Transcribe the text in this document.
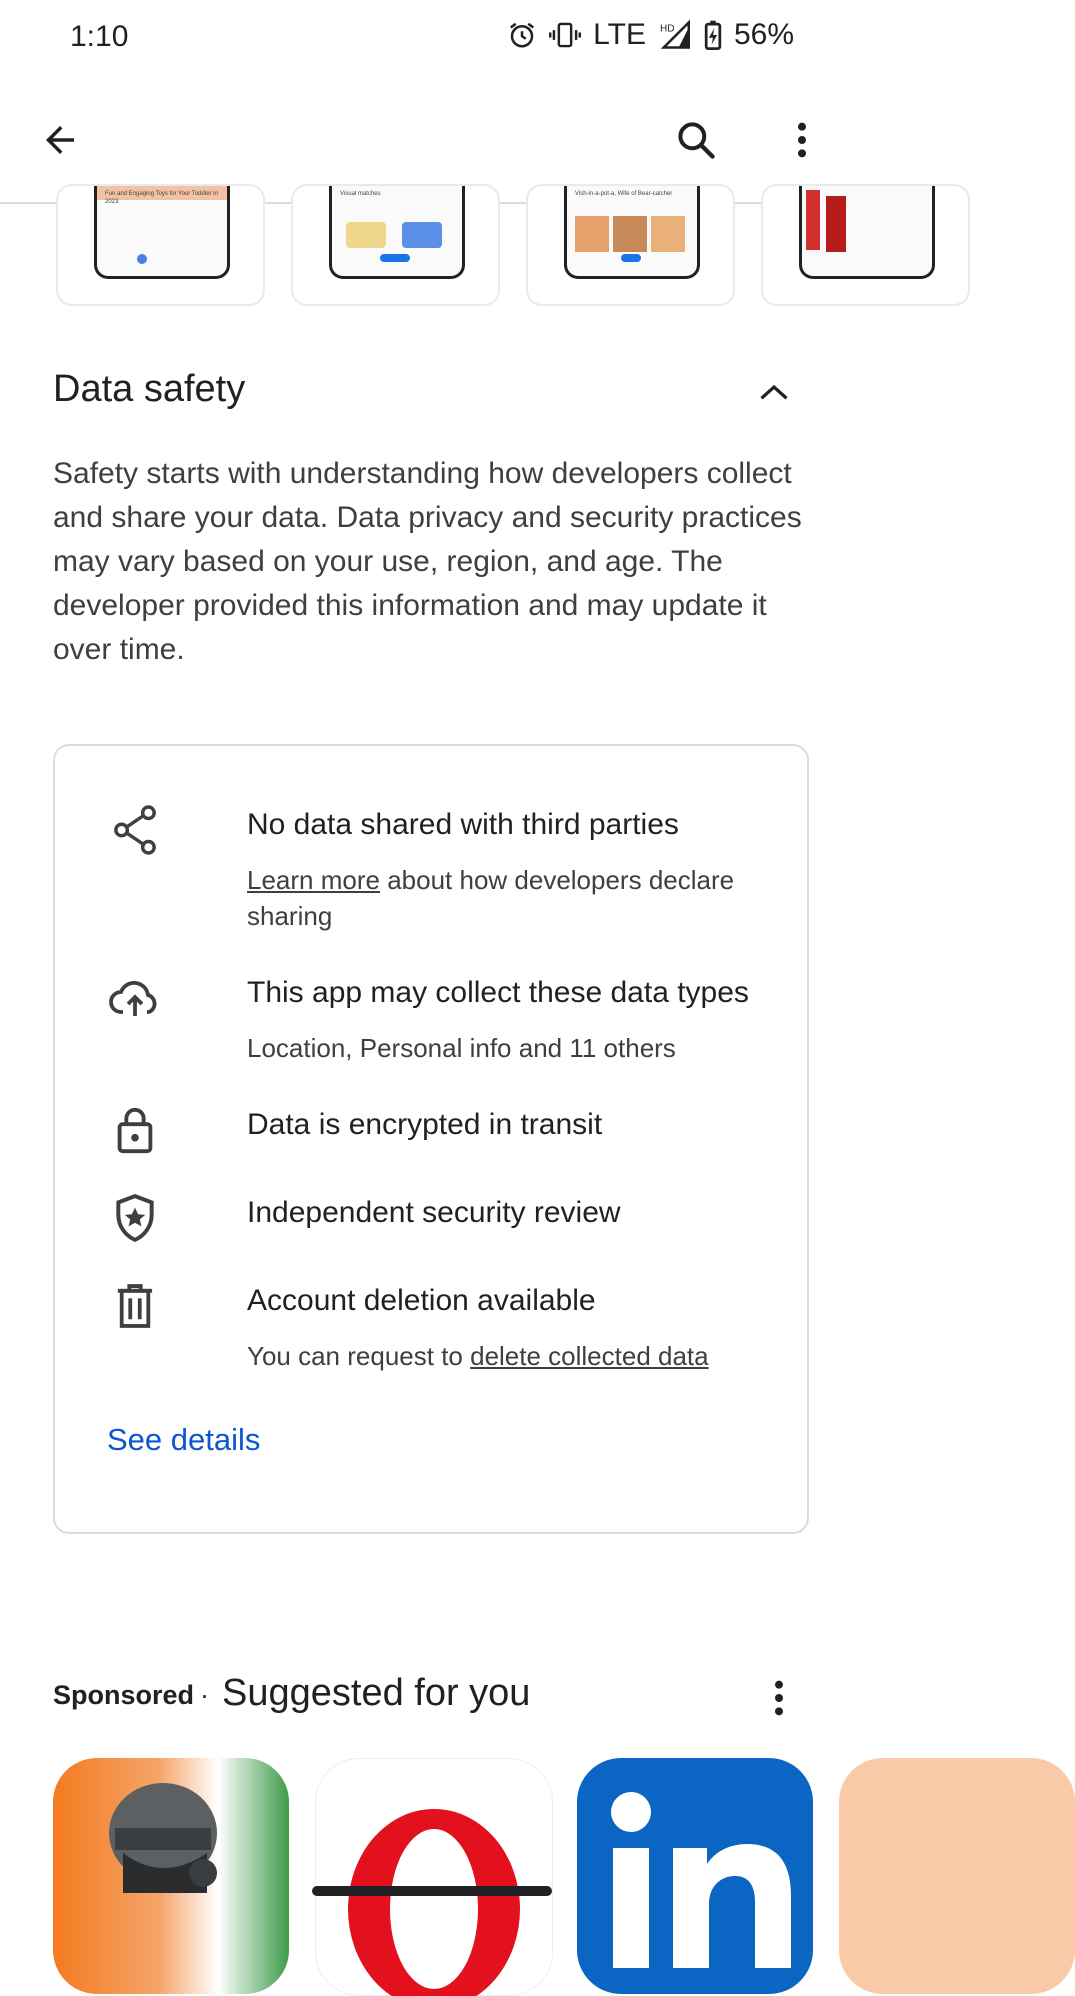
1:10	LTE HD 56%
Fun and Engaging Toys for Your Toddler in 2023
Visual matches	Vish-in-a-pot-a, Wife of Bear-catcher
Data safety
Safety starts with understanding how developers collect and share your data. Data privacy and security practices may vary based on your use, region, and age. The developer provided this information and may update it over time.
No data shared with third parties
Learn more about how developers declare sharing
This app may collect these data types
Location, Personal info and 11 others
Data is encrypted in transit
Independent security review
Account deletion available
You can request to delete collected data
See details
Sponsored · Suggested for you
